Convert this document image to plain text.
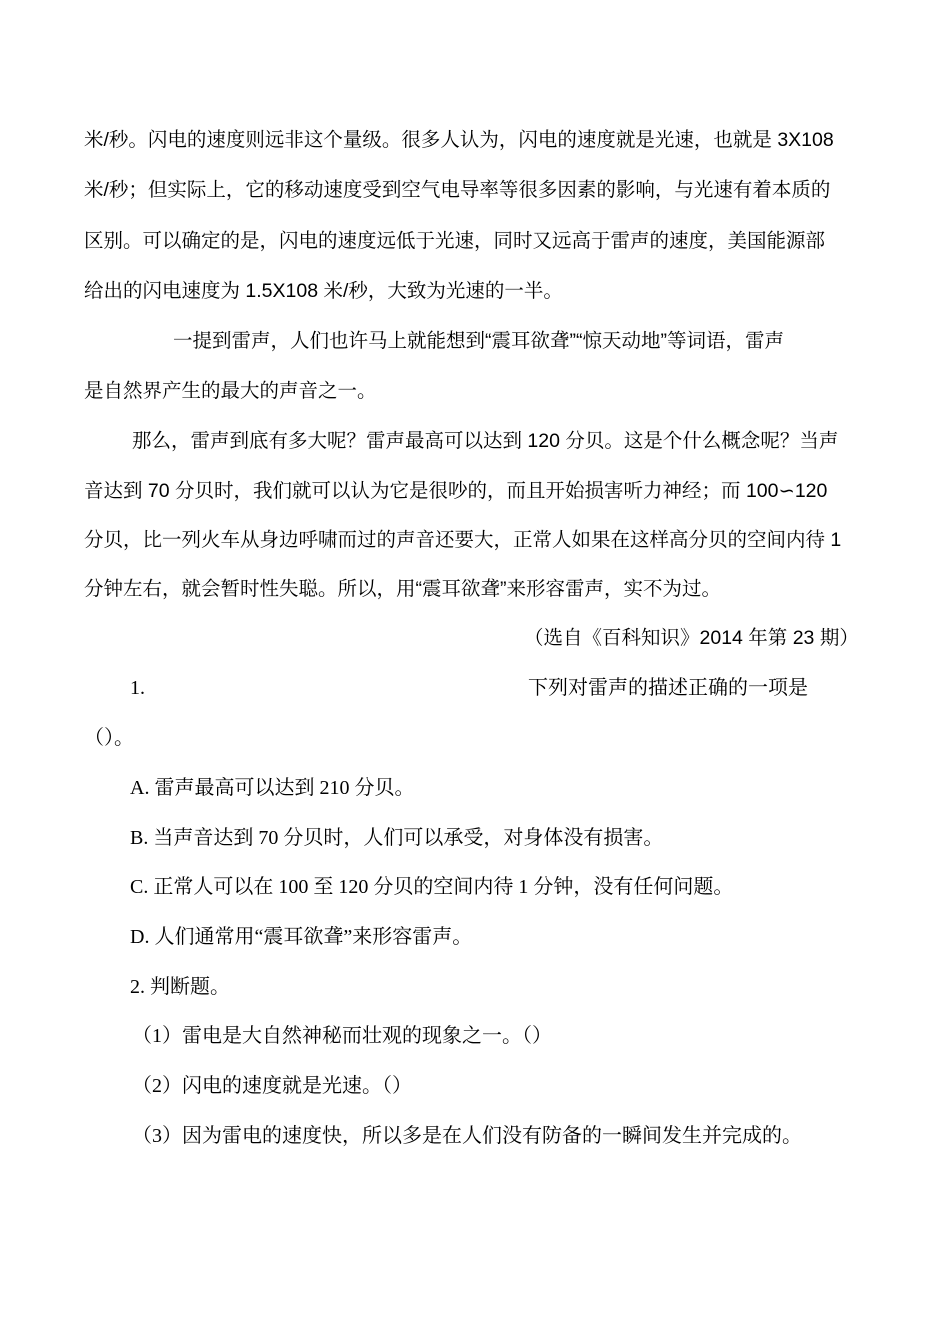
米/秒。闪电的速度则远非这个量级。很多人认为，闪电的速度就是光速，也就是 3X108
米/秒；但实际上，它的移动速度受到空气电导率等很多因素的影响，与光速有着本质的
区别。可以确定的是，闪电的速度远低于光速，同时又远高于雷声的速度，美国能源部
给出的闪电速度为 1.5X108 米/秒，大致为光速的一半。
一提到雷声，人们也许马上就能想到“震耳欲聋”“惊天动地”等词语，雷声
是自然界产生的最大的声音之一。
那么，雷声到底有多大呢？雷声最高可以达到 120 分贝。这是个什么概念呢？当声
音达到 70 分贝时，我们就可以认为它是很吵的，而且开始损害听力神经；而 100∽120
分贝，比一列火车从身边呼啸而过的声音还要大，正常人如果在这样高分贝的空间内待 1
分钟左右，就会暂时性失聪。所以，用“震耳欲聋”来形容雷声，实不为过。
（选自《百科知识》2014 年第 23 期）
1.	下列对雷声的描述正确的一项是
（）。
A. 雷声最高可以达到 210 分贝。
B. 当声音达到 70 分贝时，人们可以承受，对身体没有损害。
C. 正常人可以在 100 至 120 分贝的空间内待 1 分钟，没有任何问题。
D. 人们通常用“震耳欲聋”来形容雷声。
2. 判断题。
（1）雷电是大自然神秘而壮观的现象之一。（）
（2）闪电的速度就是光速。（）
（3）因为雷电的速度快，所以多是在人们没有防备的一瞬间发生并完成的。
